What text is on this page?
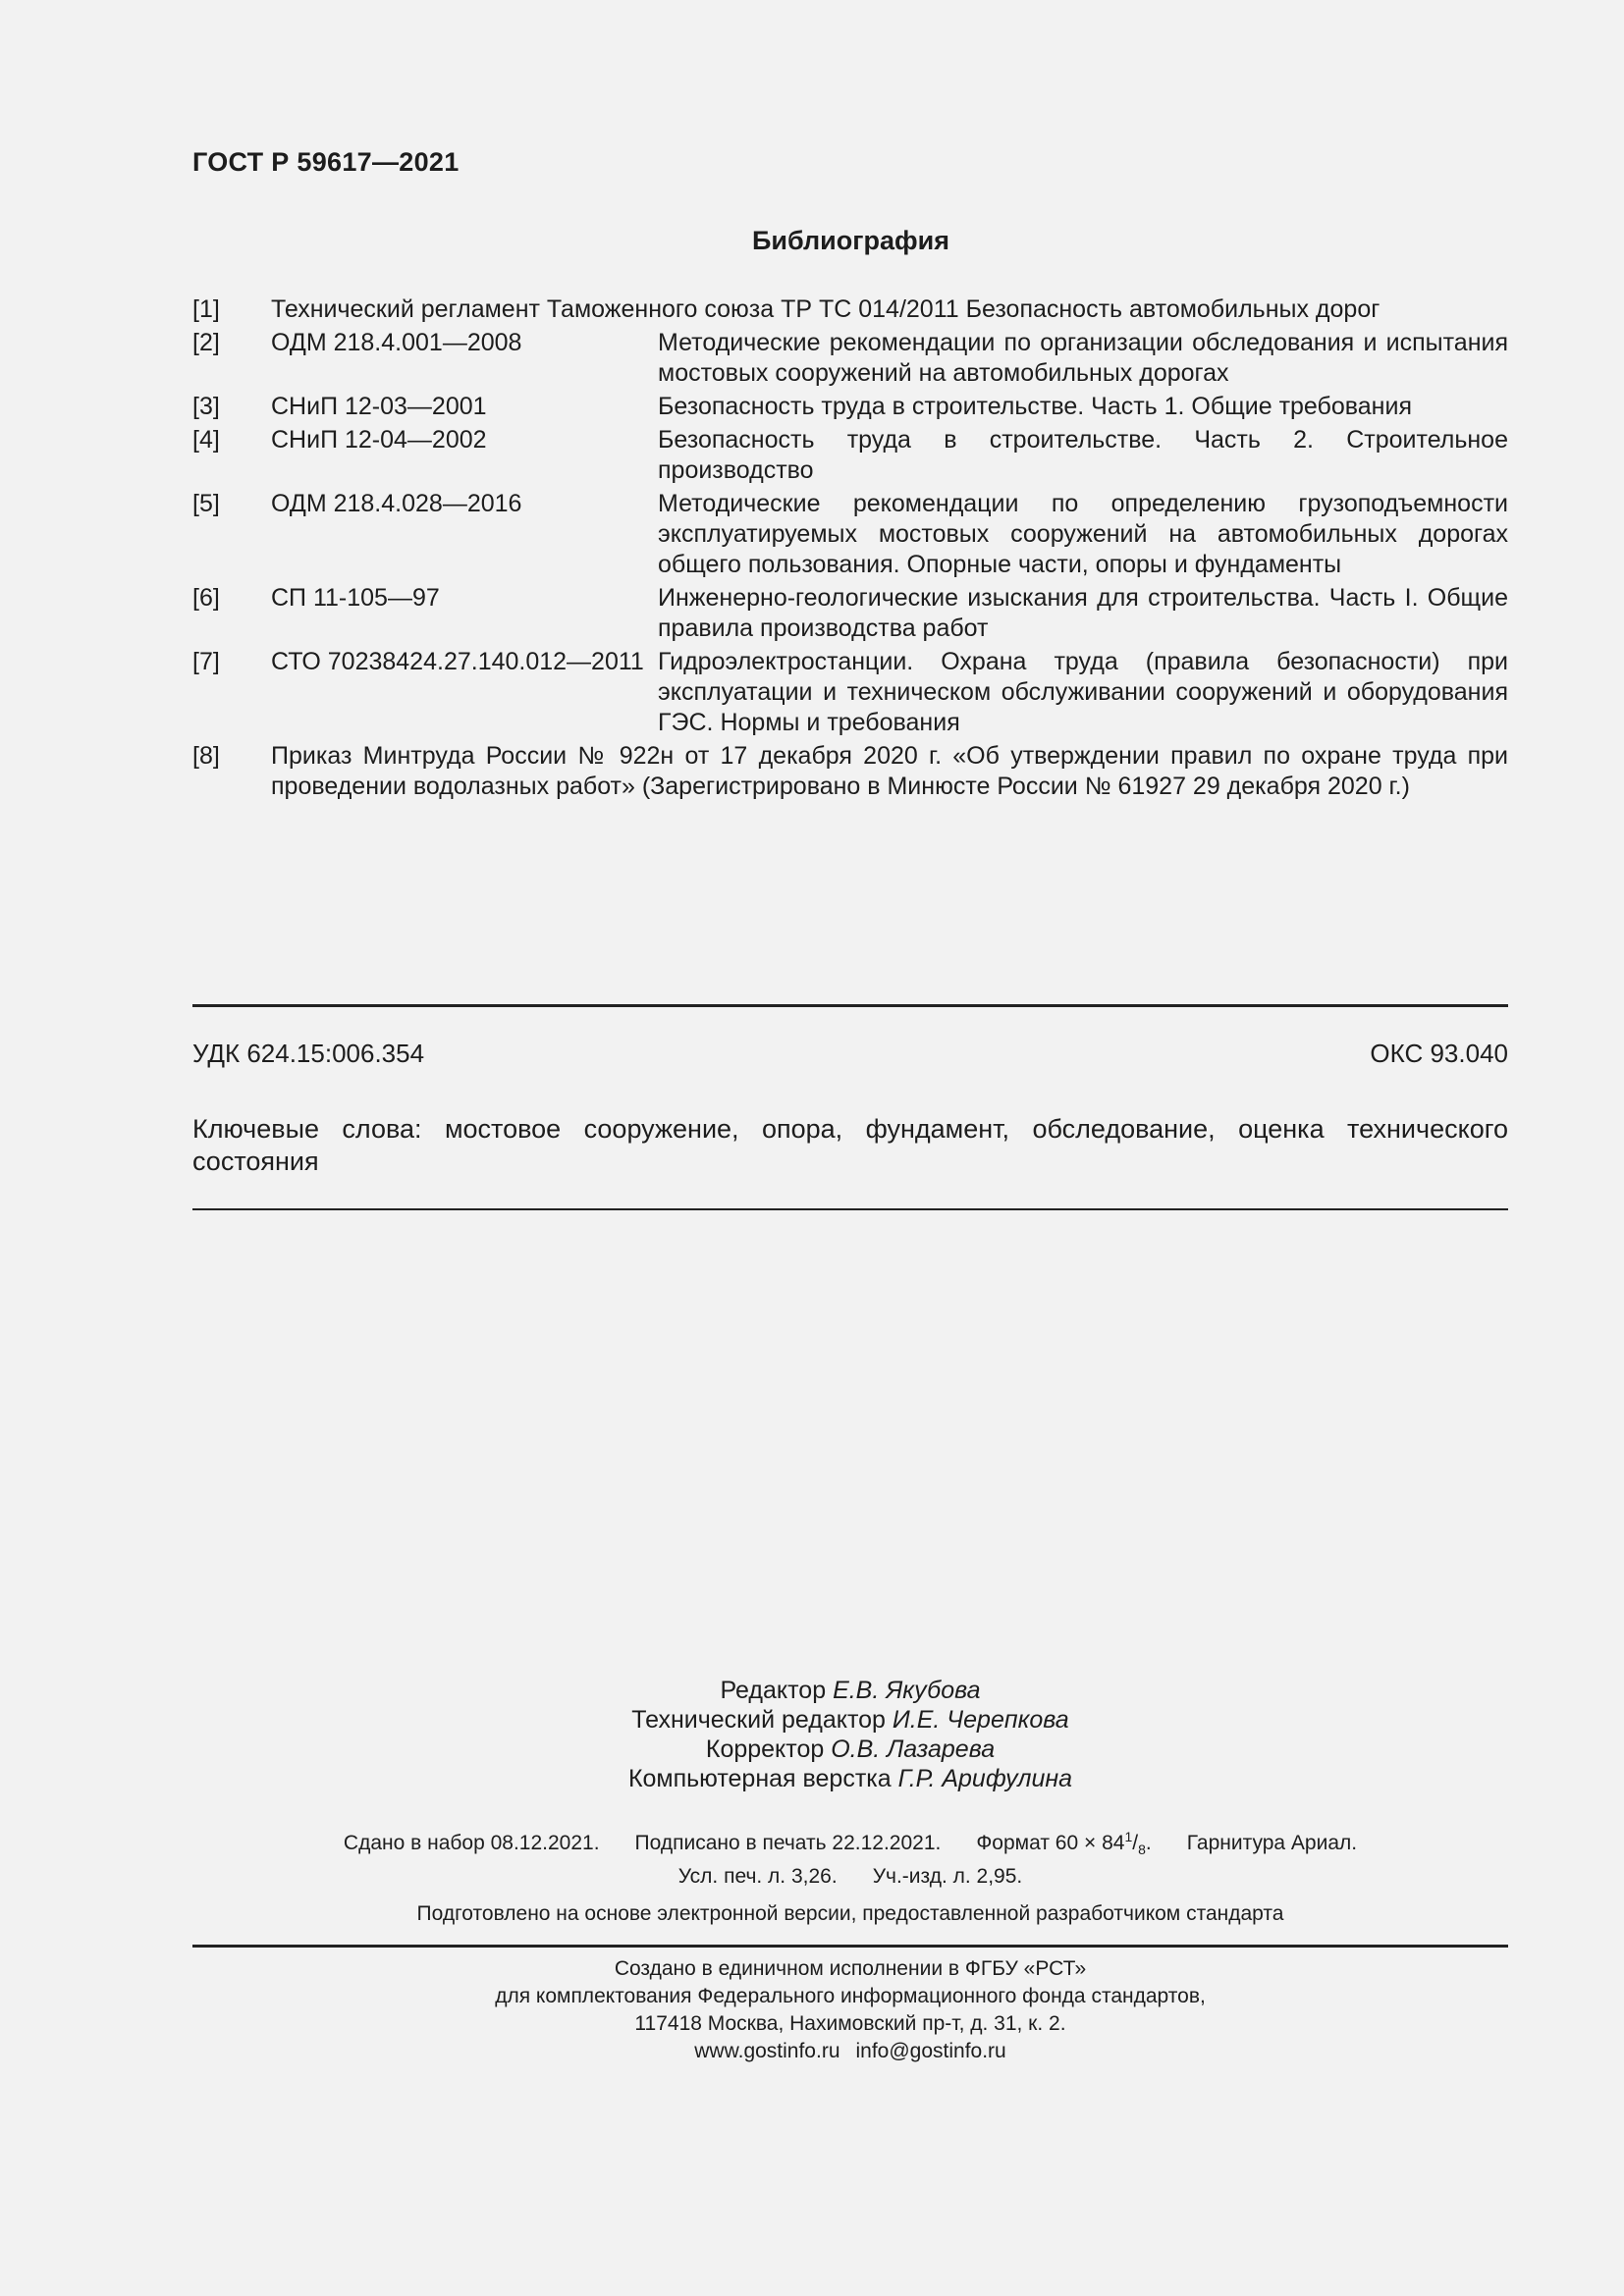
ГОСТ Р 59617—2021
Библиография
[1]	Технический регламент Таможенного союза ТР ТС 014/2011 Безопасность автомобильных дорог
[2]	ОДМ 218.4.001—2008	Методические рекомендации по организации обследования и испытания мостовых сооружений на автомобильных дорогах
[3]	СНиП 12-03—2001	Безопасность труда в строительстве. Часть 1. Общие требования
[4]	СНиП 12-04—2002	Безопасность труда в строительстве. Часть 2. Строительное производство
[5]	ОДМ 218.4.028—2016	Методические рекомендации по определению грузоподъемности эксплуатируемых мостовых сооружений на автомобильных дорогах общего пользования. Опорные части, опоры и фундаменты
[6]	СП 11-105—97	Инженерно-геологические изыскания для строительства. Часть I. Общие правила производства работ
[7]	СТО 70238424.27.140.012—2011 Гидроэлектростанции. Охрана труда (правила безопасности) при эксплуатации и техническом обслуживании сооружений и оборудования ГЭС. Нормы и требования
[8]	Приказ Минтруда России № 922н от 17 декабря 2020 г. «Об утверждении правил по охране труда при проведении водолазных работ» (Зарегистрировано в Минюсте России № 61927 29 декабря 2020 г.)
УДК 624.15:006.354	ОКС 93.040
Ключевые слова: мостовое сооружение, опора, фундамент, обследование, оценка технического состояния
Редактор Е.В. Якубова
Технический редактор И.Е. Черепкова
Корректор О.В. Лазарева
Компьютерная верстка Г.Р. Арифулина
Сдано в набор 08.12.2021. Подписано в печать 22.12.2021. Формат $60 \times 84^1/_8$. Гарнитура Ариал.
Усл. печ. л. 3,26. Уч.-изд. л. 2,95.
Подготовлено на основе электронной версии, предоставленной разработчиком стандарта
Создано в единичном исполнении в ФГБУ «РСТ»
для комплектования Федерального информационного фонда стандартов,
117418 Москва, Нахимовский пр-т, д. 31, к. 2.
www.gostinfo.ru info@gostinfo.ru
